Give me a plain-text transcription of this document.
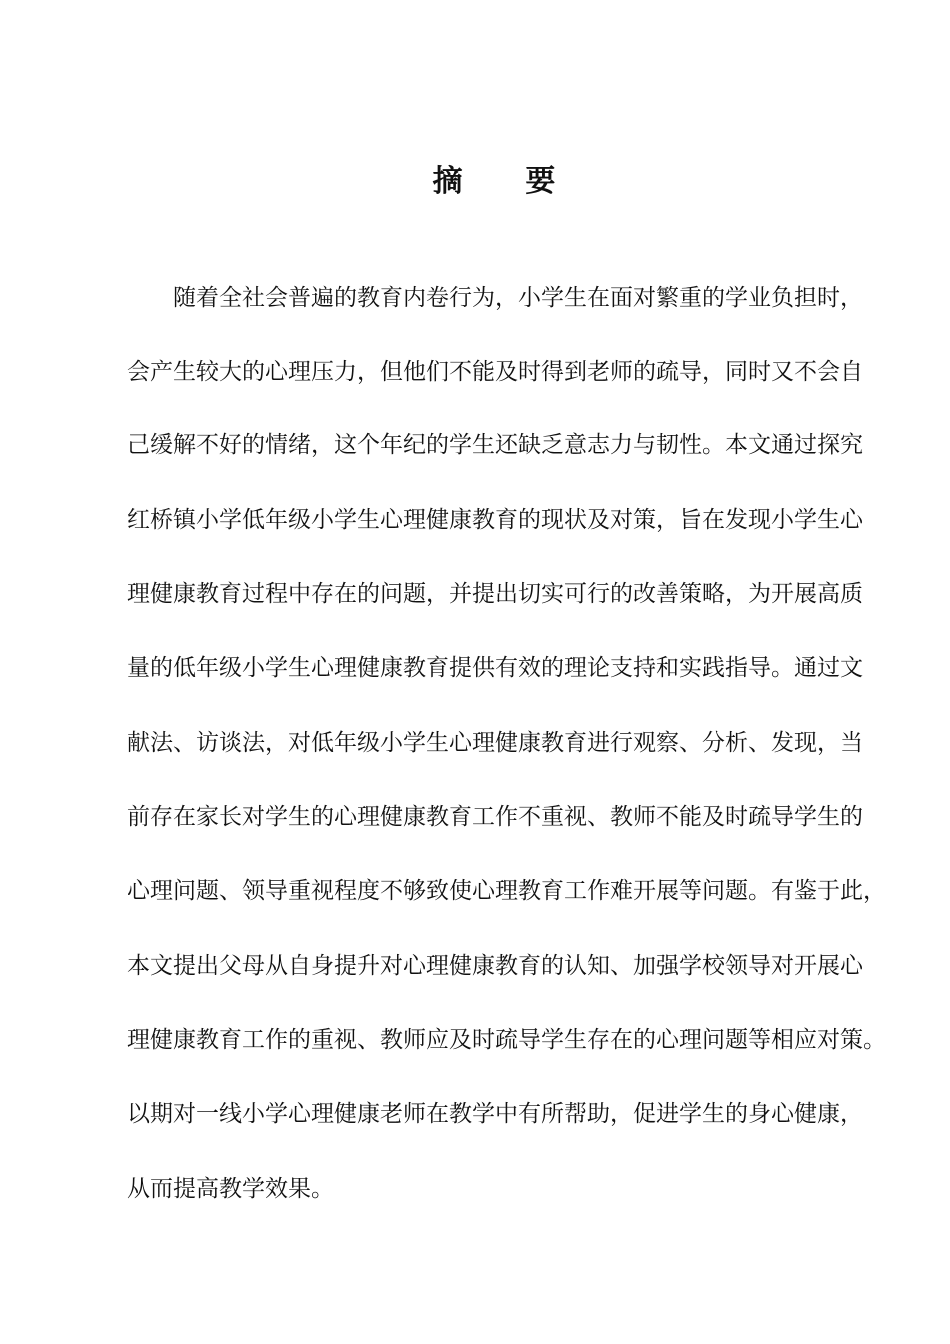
摘      要
随着全社会普遍的教育内卷行为，小学生在面对繁重的学业负担时，
会产生较大的心理压力，但他们不能及时得到老师的疏导，同时又不会自
己缓解不好的情绪，这个年纪的学生还缺乏意志力与韧性。本文通过探究
红桥镇小学低年级小学生心理健康教育的现状及对策，旨在发现小学生心
理健康教育过程中存在的问题，并提出切实可行的改善策略，为开展高质
量的低年级小学生心理健康教育提供有效的理论支持和实践指导。通过文
献法、访谈法，对低年级小学生心理健康教育进行观察、分析、发现，当
前存在家长对学生的心理健康教育工作不重视、教师不能及时疏导学生的
心理问题、领导重视程度不够致使心理教育工作难开展等问题。有鉴于此，
本文提出父母从自身提升对心理健康教育的认知、加强学校领导对开展心
理健康教育工作的重视、教师应及时疏导学生存在的心理问题等相应对策。
以期对一线小学心理健康老师在教学中有所帮助，促进学生的身心健康，
从而提高教学效果。
